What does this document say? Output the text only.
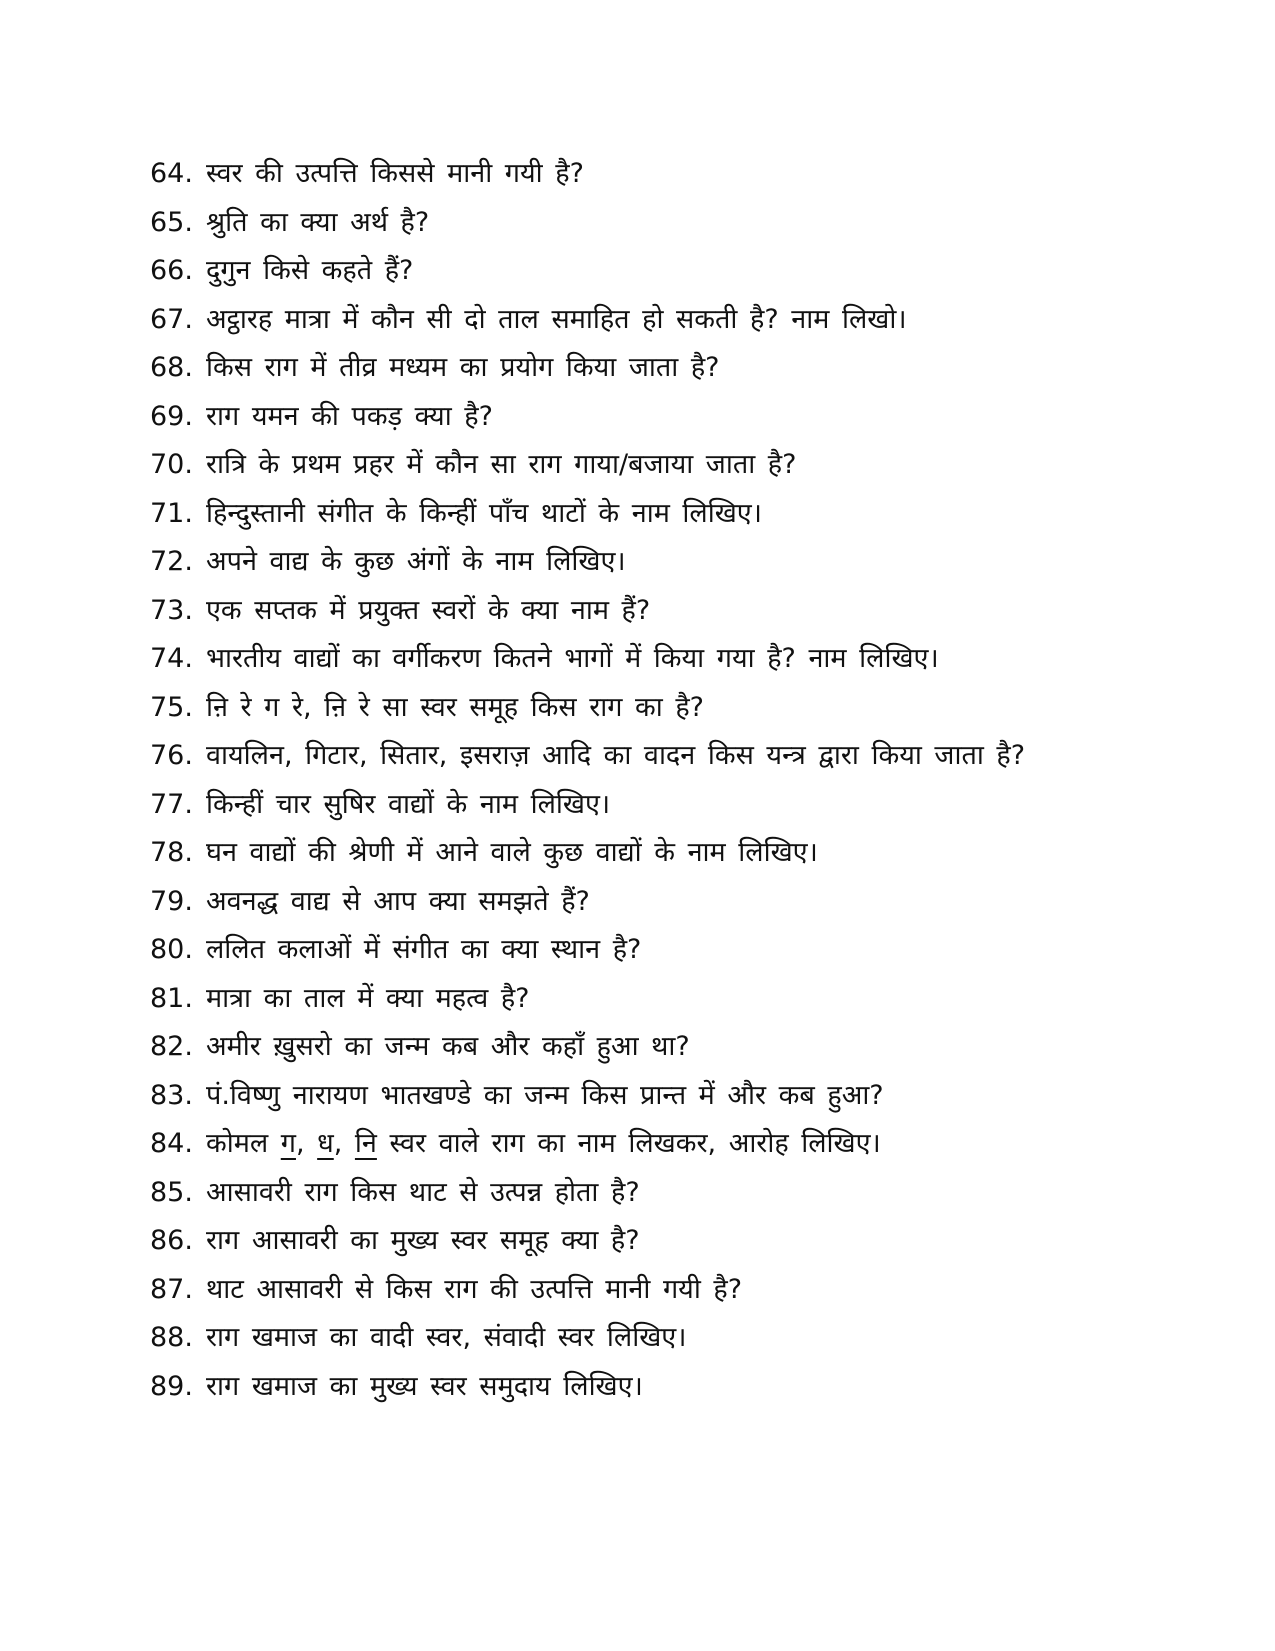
64. स्वर की उत्पत्ति किससे मानी गयी है?
65. श्रुति का क्या अर्थ है?
66. दुगुन किसे कहते हैं?
67. अट्ठारह मात्रा में कौन सी दो ताल समाहित हो सकती है? नाम लिखो।
68. किस राग में तीव्र मध्यम का प्रयोग किया जाता है?
69. राग यमन की पकड़ क्या है?
70. रात्रि के प्रथम प्रहर में कौन सा राग गाया/बजाया जाता है?
71. हिन्दुस्तानी संगीत के किन्हीं पाँच थाटों के नाम लिखिए।
72. अपने वाद्य के कुछ अंगों के नाम लिखिए।
73. एक सप्तक में प्रयुक्त स्वरों के क्या नाम हैं?
74. भारतीय वाद्यों का वर्गीकरण कितने भागों में किया गया है? नाम लिखिए।
75. ऩि रे ग रे, ऩि रे सा स्वर समूह किस राग का है?
76. वायलिन, गिटार, सितार, इसराज़ आदि का वादन किस यन्त्र द्वारा किया जाता है?
77. किन्हीं चार सुषिर वाद्यों के नाम लिखिए।
78. घन वाद्यों की श्रेणी में आने वाले कुछ वाद्यों के नाम लिखिए।
79. अवनद्ध वाद्य से आप क्या समझते हैं?
80. ललित कलाओं में संगीत का क्या स्थान है?
81. मात्रा का ताल में क्या महत्व है?
82. अमीर ख़ुसरो का जन्म कब और कहाँ हुआ था?
83. पं.विष्णु नारायण भातखण्डे का जन्म किस प्रान्त में और कब हुआ?
84. कोमल ग, ध, नि स्वर वाले राग का नाम लिखकर, आरोह लिखिए।
85. आसावरी राग किस थाट से उत्पन्न होता है?
86. राग आसावरी का मुख्य स्वर समूह क्या है?
87. थाट आसावरी से किस राग की उत्पत्ति मानी गयी है?
88. राग खमाज का वादी स्वर, संवादी स्वर लिखिए।
89. राग खमाज का मुख्य स्वर समुदाय लिखिए।
